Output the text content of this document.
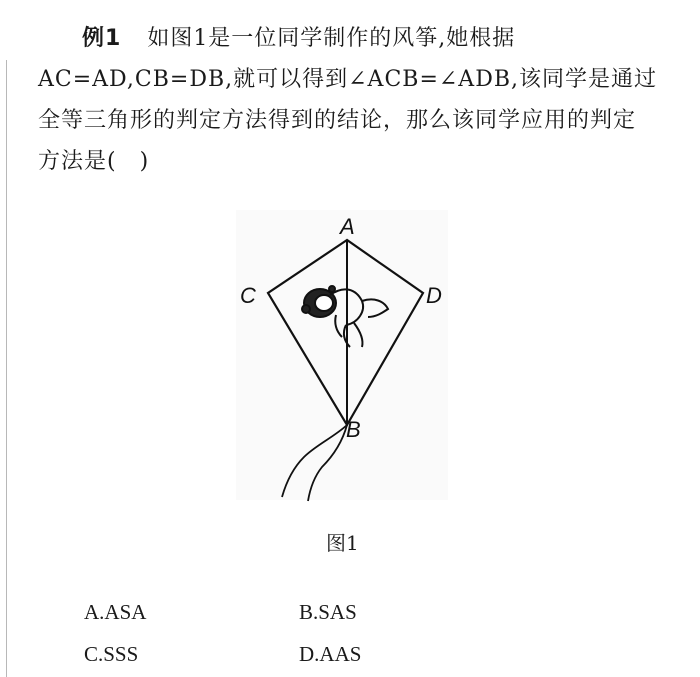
例1 如图1是一位同学制作的风筝,她根据AC=AD,CB=DB,就可以得到∠ACB=∠ADB,该同学是通过全等三角形的判定方法得到的结论，那么该同学应用的判定方法是(　)
A
C	D
B
图1
A.ASA	B.SAS
C.SSS	D.AAS
